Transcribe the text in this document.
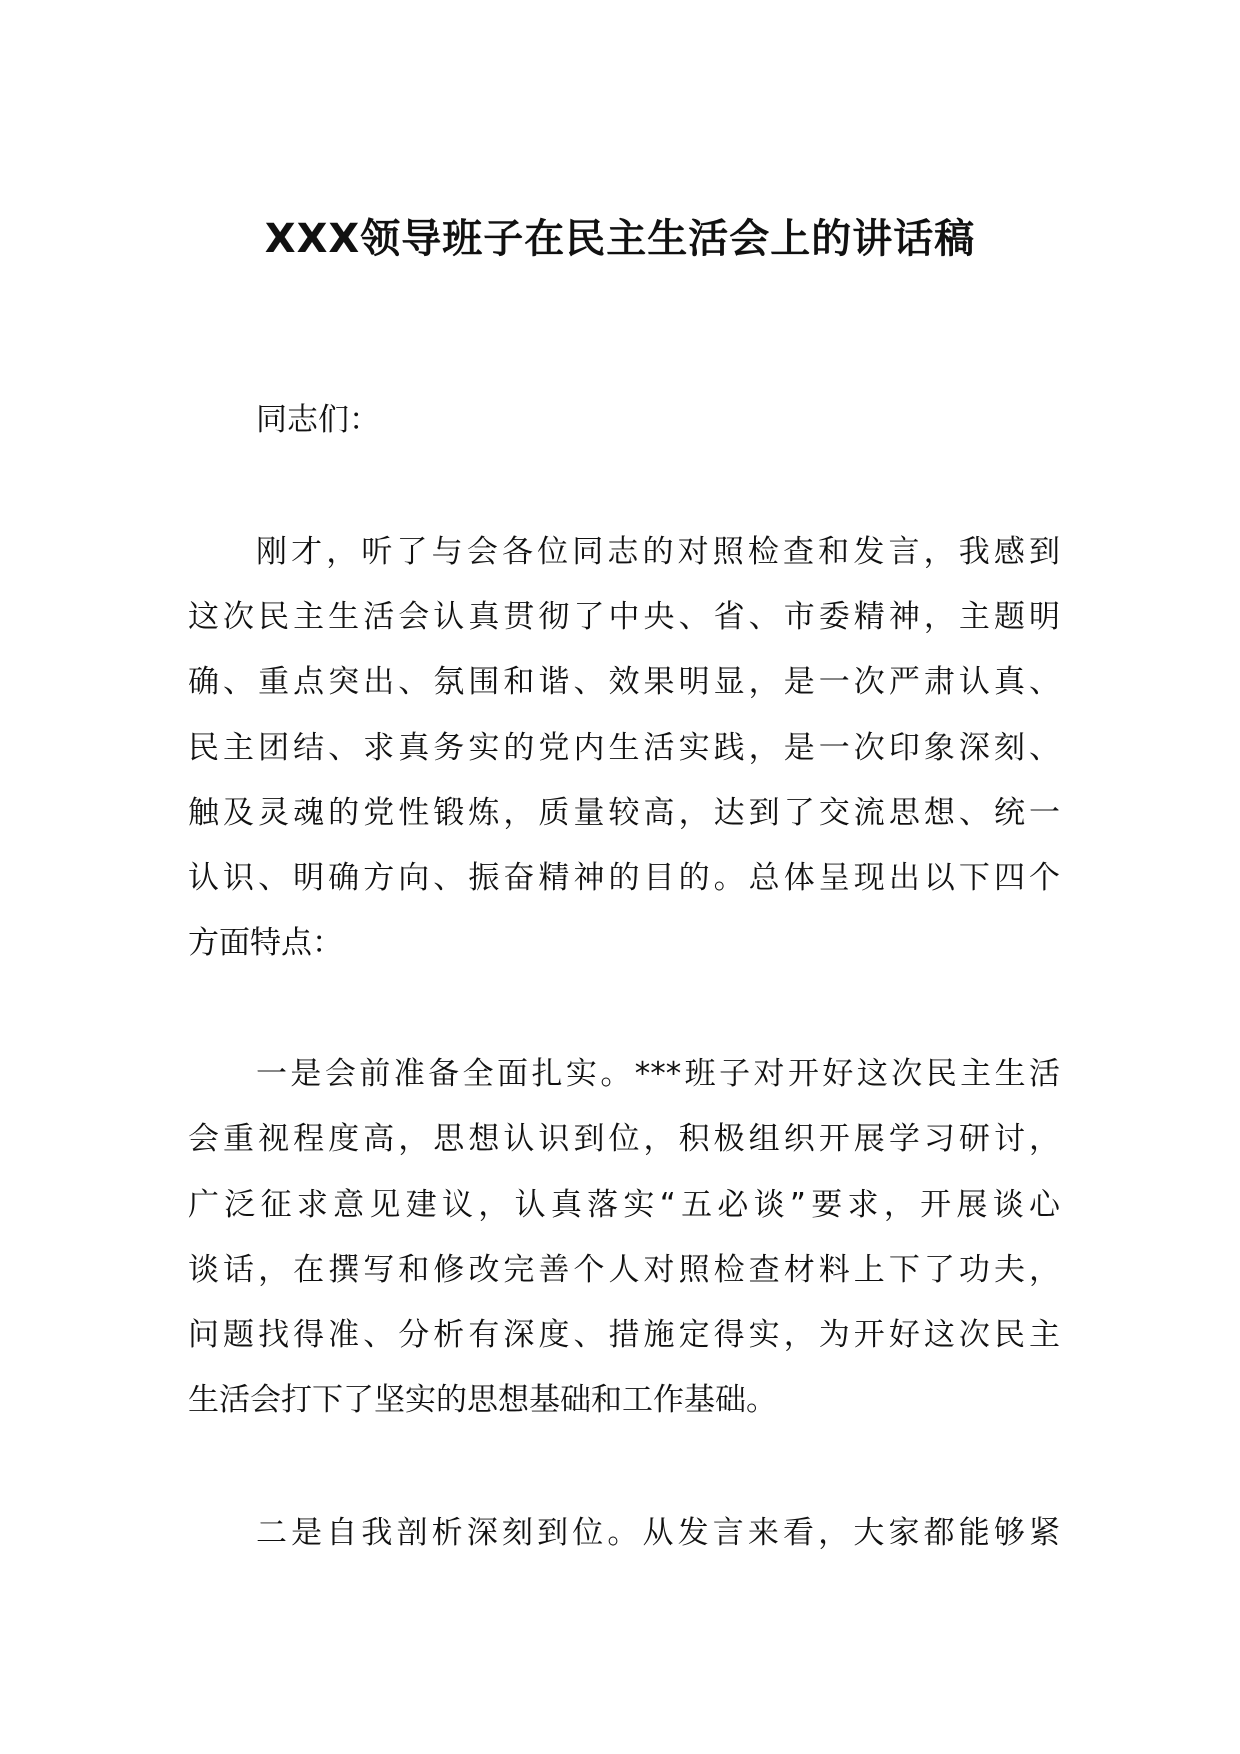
XXX领导班子在民主生活会上的讲话稿
同志们：
刚才，听了与会各位同志的对照检查和发言，我感到
这次民主生活会认真贯彻了中央、省、市委精神，主题明
确、重点突出、氛围和谐、效果明显，是一次严肃认真、
民主团结、求真务实的党内生活实践，是一次印象深刻、
触及灵魂的党性锻炼，质量较高，达到了交流思想、统一
认识、明确方向、振奋精神的目的。总体呈现出以下四个
方面特点：
一是会前准备全面扎实。***班子对开好这次民主生活
会重视程度高，思想认识到位，积极组织开展学习研讨，
广泛征求意见建议，认真落实“五必谈”要求，开展谈心
谈话，在撰写和修改完善个人对照检查材料上下了功夫，
问题找得准、分析有深度、措施定得实，为开好这次民主
生活会打下了坚实的思想基础和工作基础。
二是自我剖析深刻到位。从发言来看，大家都能够紧
